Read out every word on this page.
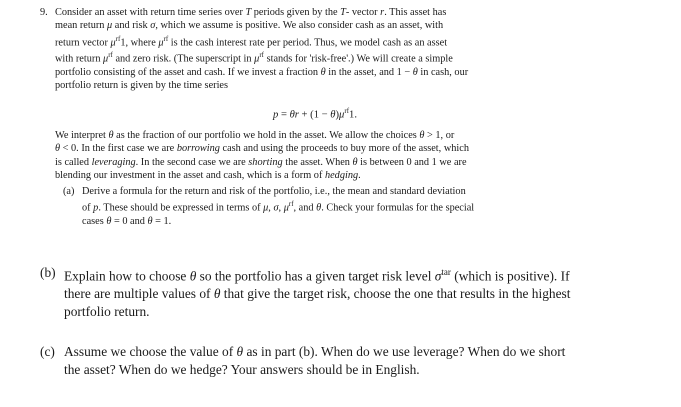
9. Consider an asset with return time series over T periods given by the T- vector r. This asset has
mean return μ and risk σ, which we assume is positive. We also consider cash as an asset, with
return vector $\mu^{rf}1$, where $\mu^{rf}$ is the cash interest rate per period. Thus, we model cash as an asset
with return $\mu^{rf}$ and zero risk. (The superscript in $\mu^{rf}$ stands for 'risk-free'.) We will create a simple
portfolio consisting of the asset and cash. If we invest a fraction θ in the asset, and 1 − θ in cash, our
portfolio return is given by the time series
$p = \theta r + (1 - \theta)\mu^{rf}1$.
We interpret θ as the fraction of our portfolio we hold in the asset. We allow the choices θ > 1, or
θ < 0. In the first case we are borrowing cash and using the proceeds to buy more of the asset, which
is called leveraging. In the second case we are shorting the asset. When θ is between 0 and 1 we are
blending our investment in the asset and cash, which is a form of hedging.
(a) Derive a formula for the return and risk of the portfolio, i.e., the mean and standard deviation
of p. These should be expressed in terms of μ, σ, $\mu^{rf}$, and θ. Check your formulas for the special
cases θ = 0 and θ = 1.
(b) Explain how to choose θ so the portfolio has a given target risk level $\sigma^{tar}$ (which is positive). If
there are multiple values of θ that give the target risk, choose the one that results in the highest
portfolio return.
(c) Assume we choose the value of θ as in part (b). When do we use leverage? When do we short
the asset? When do we hedge? Your answers should be in English.
